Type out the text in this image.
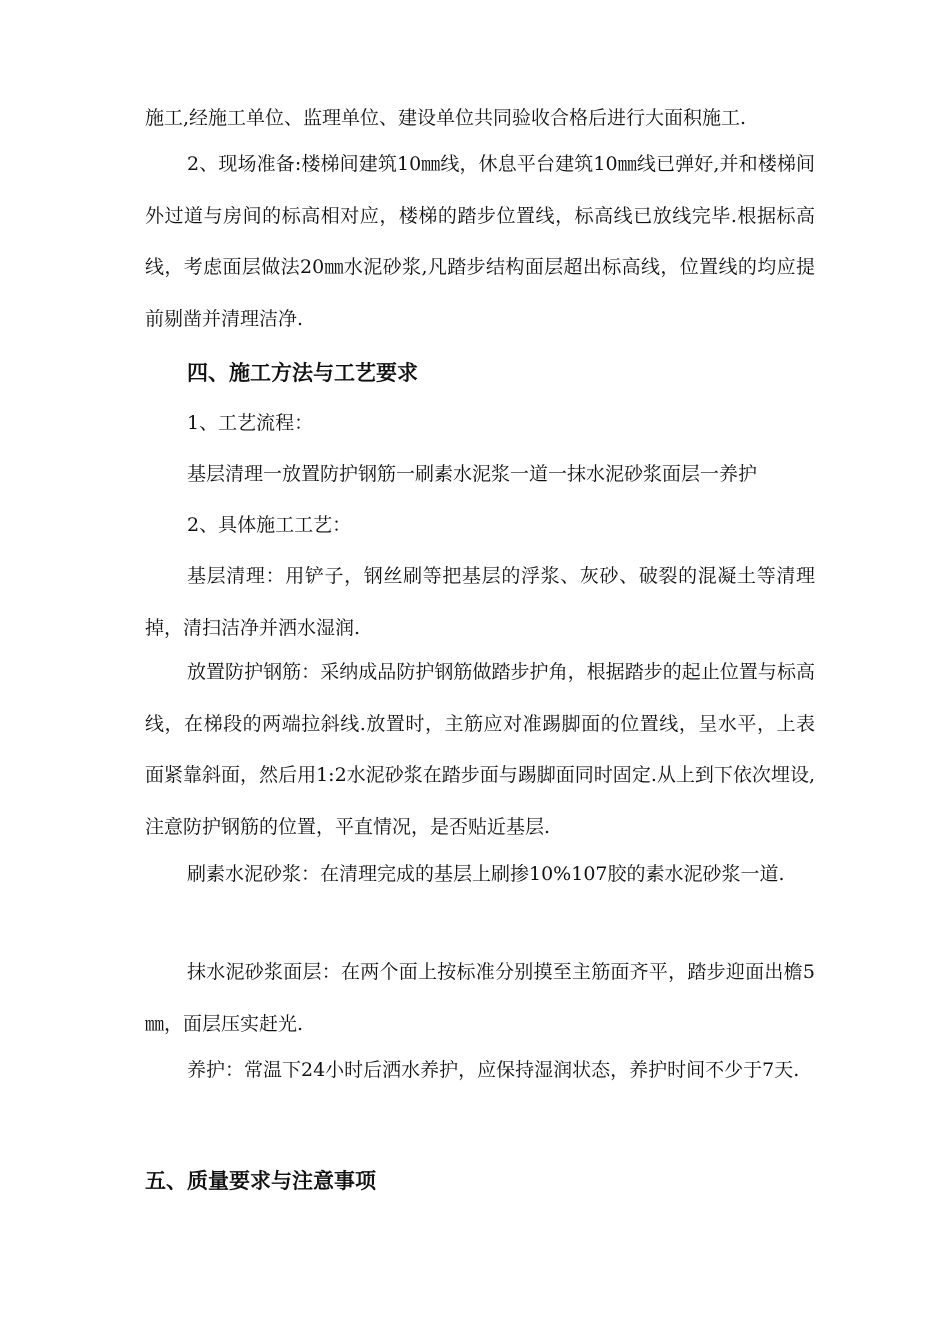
施工,经施工单位、监理单位、建设单位共同验收合格后进行大面积施工.

2、现场准备:楼梯间建筑10㎜线，休息平台建筑10㎜线已弹好,并和楼梯间外过道与房间的标高相对应，楼梯的踏步位置线，标高线已放线完毕.根据标高线，考虑面层做法20㎜水泥砂浆,凡踏步结构面层超出标高线，位置线的均应提前剔凿并清理洁净.

四、施工方法与工艺要求

1、工艺流程：

基层清理一放置防护钢筋一刷素水泥浆一道一抹水泥砂浆面层一养护

2、具体施工工艺：

基层清理：用铲子，钢丝刷等把基层的浮浆、灰砂、破裂的混凝土等清理掉，清扫洁净并洒水湿润.

放置防护钢筋：采纳成品防护钢筋做踏步护角，根据踏步的起止位置与标高线，在梯段的两端拉斜线.放置时，主筋应对准踢脚面的位置线，呈水平，上表面紧靠斜面，然后用1:2水泥砂浆在踏步面与踢脚面同时固定.从上到下依次埋设,注意防护钢筋的位置，平直情况，是否贴近基层.

刷素水泥砂浆：在清理完成的基层上刷掺10%107胶的素水泥砂浆一道.

抹水泥砂浆面层：在两个面上按标准分别摸至主筋面齐平，踏步迎面出檐5㎜，面层压实赶光.

养护：常温下24小时后洒水养护，应保持湿润状态，养护时间不少于7天.

五、质量要求与注意事项
